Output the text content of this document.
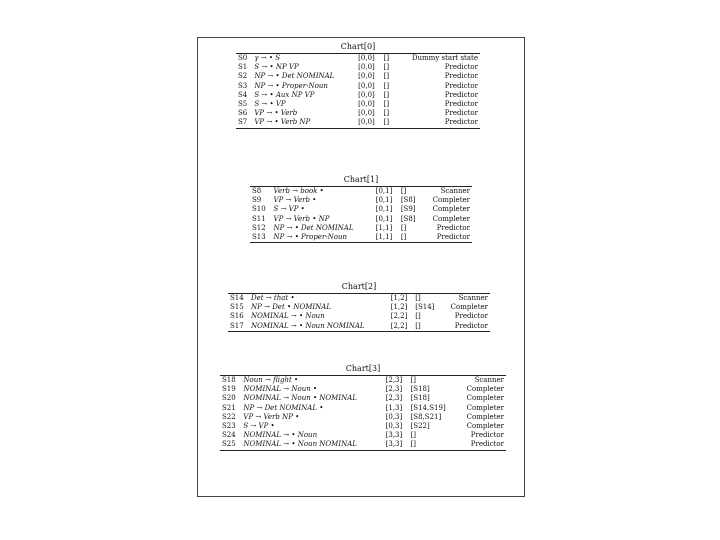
Chart[0]
S0	γ → • S	[0,0]	[]	Dummy start state
S1	S → • NP VP	[0,0]	[]	Predictor
S2	NP → • Det NOMINAL	[0,0]	[]	Predictor
S3	NP → • Proper-Noun	[0,0]	[]	Predictor
S4	S → • Aux NP VP	[0,0]	[]	Predictor
S5	S → • VP	[0,0]	[]	Predictor
S6	VP → • Verb	[0,0]	[]	Predictor
S7	VP → • Verb NP	[0,0]	[]	Predictor
Chart[1]
S8	Verb → book •	[0,1]	[]	Scanner
S9	VP → Verb •	[0,1]	[S8]	Completer
S10	S → VP •	[0,1]	[S9]	Completer
S11	VP → Verb • NP	[0,1]	[S8]	Completer
S12	NP → • Det NOMINAL	[1,1]	[]	Predictor
S13	NP → • Proper-Noun	[1,1]	[]	Predictor
Chart[2]
S14	Det → that •	[1,2]	[]	Scanner
S15	NP → Det • NOMINAL	[1,2]	[S14]	Completer
S16	NOMINAL → • Noun	[2,2]	[]	Predictor
S17	NOMINAL → • Noun NOMINAL	[2,2]	[]	Predictor
Chart[3]
S18	Noun → flight •	[2,3]	[]	Scanner
S19	NOMINAL → Noun •	[2,3]	[S18]	Completer
S20	NOMINAL → Noun • NOMINAL	[2,3]	[S18]	Completer
S21	NP → Det NOMINAL •	[1,3]	[S14,S19]	Completer
S22	VP → Verb NP •	[0,3]	[S8,S21]	Completer
S23	S → VP •	[0,3]	[S22]	Completer
S24	NOMINAL → • Noun	[3,3]	[]	Predictor
S25	NOMINAL → • Noun NOMINAL	[3,3]	[]	Predictor
